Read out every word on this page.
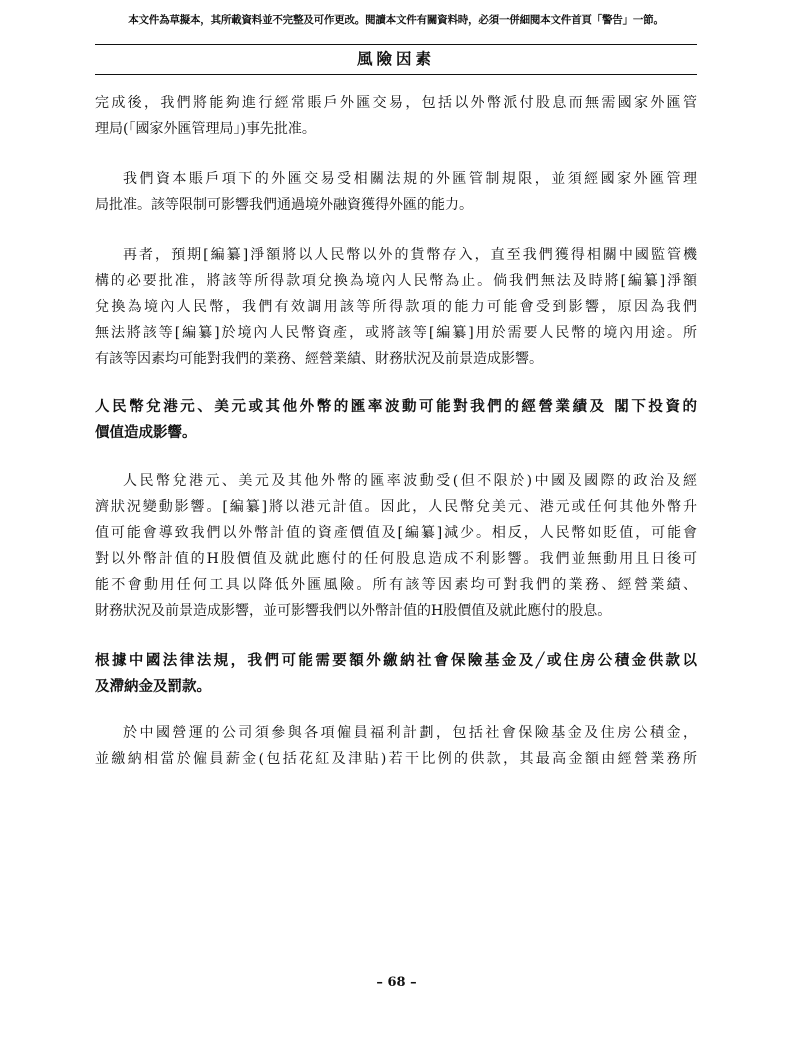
本文件為草擬本，其所載資料並不完整及可作更改。閱讀本文件有關資料時，必須一併細閱本文件首頁「警告」一節。
風險因素
完成後，我們將能夠進行經常賬戶外匯交易，包括以外幣派付股息而無需國家外匯管
理局(「國家外匯管理局」)事先批准。
我們資本賬戶項下的外匯交易受相關法規的外匯管制規限，並須經國家外匯管理
局批准。該等限制可影響我們通過境外融資獲得外匯的能力。
再者，預期[編纂]淨額將以人民幣以外的貨幣存入，直至我們獲得相關中國監管機
構的必要批准，將該等所得款項兌換為境內人民幣為止。倘我們無法及時將[編纂]淨額
兌換為境內人民幣，我們有效調用該等所得款項的能力可能會受到影響，原因為我們
無法將該等[編纂]於境內人民幣資產，或將該等[編纂]用於需要人民幣的境內用途。所
有該等因素均可能對我們的業務、經營業績、財務狀況及前景造成影響。
人民幣兌港元、美元或其他外幣的匯率波動可能對我們的經營業績及 閣下投資的
價值造成影響。
人民幣兌港元、美元及其他外幣的匯率波動受(但不限於)中國及國際的政治及經
濟狀況變動影響。[編纂]將以港元計值。因此，人民幣兌美元、港元或任何其他外幣升
值可能會導致我們以外幣計值的資產價值及[編纂]減少。相反，人民幣如貶值，可能會
對以外幣計值的H股價值及就此應付的任何股息造成不利影響。我們並無動用且日後可
能不會動用任何工具以降低外匯風險。所有該等因素均可對我們的業務、經營業績、
財務狀況及前景造成影響，並可影響我們以外幣計值的H股價值及就此應付的股息。
根據中國法律法規，我們可能需要額外繳納社會保險基金及╱或住房公積金供款以
及滯納金及罰款。
於中國營運的公司須參與各項僱員福利計劃，包括社會保險基金及住房公積金，
並繳納相當於僱員薪金(包括花紅及津貼)若干比例的供款，其最高金額由經營業務所
– 68 –
